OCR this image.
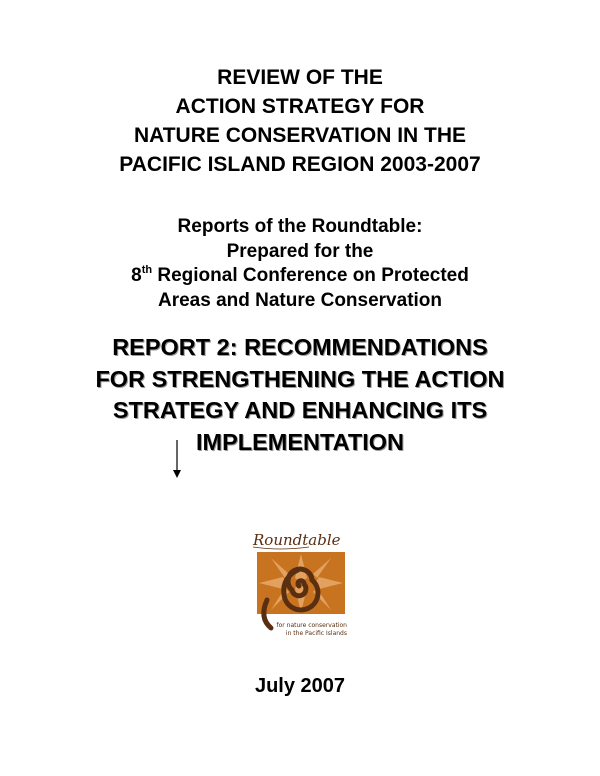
REVIEW OF THE
ACTION STRATEGY FOR
NATURE CONSERVATION IN THE
PACIFIC ISLAND REGION 2003-2007
Reports of the Roundtable:
Prepared for the
8th Regional Conference on Protected
Areas and Nature Conservation
REPORT 2: RECOMMENDATIONS
FOR STRENGTHENING THE ACTION
STRATEGY AND ENHANCING ITS
IMPLEMENTATION
Roundtable
for nature conservation
in the Pacific Islands
July 2007
